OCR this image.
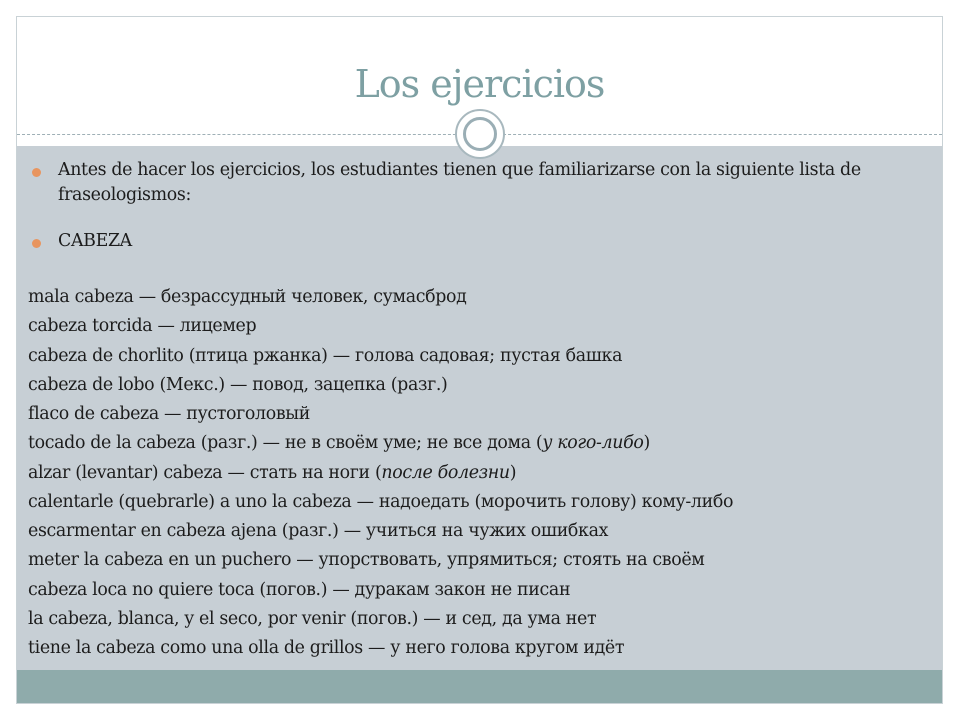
Los ejercicios

Antes de hacer los ejercicios, los estudiantes tienen que familiarizarse con la siguiente lista de fraseologismos:

CABEZA

mala cabeza — безрассудный человек, сумасброд
cabeza torcida — лицемер
cabeza de chorlito (птица ржанка) — голова садовая; пустая башка
cabeza de lobo (Мекс.) — повод, зацепка (разг.)
flaco de cabeza — пустоголовый
tocado de la cabeza (разг.) — не в своём уме; не все дома (у кого-либо)
alzar (levantar) cabeza — стать на ноги (после болезни)
calentarle (quebrarle) a uno la cabeza — надоедать (морочить голову) кому-либо
escarmentar en cabeza ajena (разг.) — учиться на чужих ошибках
meter la cabeza en un puchero — упорствовать, упрямиться; стоять на своём
cabeza loca no quiere toca (погов.) — дуракам закон не писан
la cabeza, blanca, y el seco, por venir (погов.) — и сед, да ума нет
tiene la cabeza como una olla de grillos — у него голова кругом идёт
